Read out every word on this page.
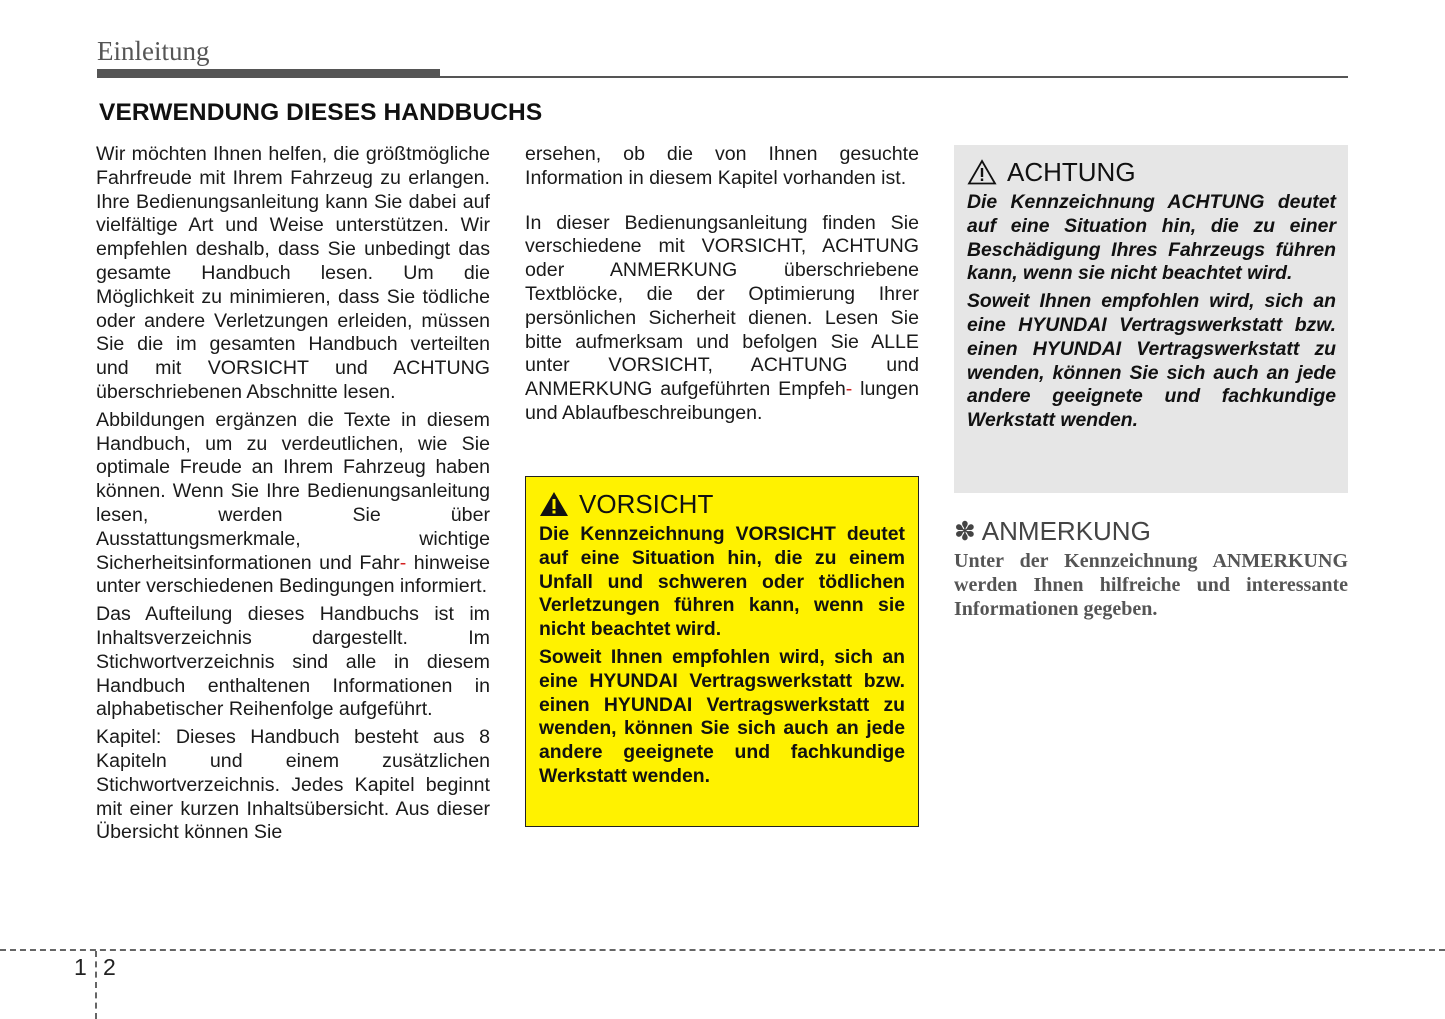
Einleitung
VERWENDUNG DIESES HANDBUCHS

Wir möchten Ihnen helfen, die größtmögliche Fahrfreude mit Ihrem Fahrzeug zu erlangen. Ihre Bedienungsanleitung kann Sie dabei auf vielfältige Art und Weise unterstützen. Wir empfehlen deshalb, dass Sie unbedingt das gesamte Handbuch lesen. Um die Möglichkeit zu minimieren, dass Sie tödliche oder andere Verletzungen erleiden, müssen Sie die im gesamten Handbuch verteilten und mit VORSICHT und ACHTUNG überschriebenen Abschnitte lesen.

Abbildungen ergänzen die Texte in diesem Handbuch, um zu verdeutlichen, wie Sie optimale Freude an Ihrem Fahrzeug haben können. Wenn Sie Ihre Bedienungsanleitung lesen, werden Sie über Ausstattungsmerkmale, wichtige Sicherheitsinformationen und Fahr- hinweise unter verschiedenen Bedingungen informiert.

Das Aufteilung dieses Handbuchs ist im Inhaltsverzeichnis dargestellt. Im Stichwortverzeichnis sind alle in diesem Handbuch enthaltenen Informationen in alphabetischer Reihenfolge aufgeführt.

Kapitel: Dieses Handbuch besteht aus 8 Kapiteln und einem zusätzlichen Stichwortverzeichnis. Jedes Kapitel beginnt mit einer kurzen Inhaltsübersicht. Aus dieser Übersicht können Sie

ersehen, ob die von Ihnen gesuchte Information in diesem Kapitel vorhanden ist.

In dieser Bedienungsanleitung finden Sie verschiedene mit VORSICHT, ACHTUNG oder ANMERKUNG überschriebene Textblöcke, die der Optimierung Ihrer persönlichen Sicherheit dienen. Lesen Sie bitte aufmerksam und befolgen Sie ALLE unter VORSICHT, ACHTUNG und ANMERKUNG aufgeführten Empfeh- lungen und Ablaufbeschreibungen.

VORSICHT

Die Kennzeichnung VORSICHT deutet auf eine Situation hin, die zu einem Unfall und schweren oder tödlichen Verletzungen führen kann, wenn sie nicht beachtet wird.

Soweit Ihnen empfohlen wird, sich an eine HYUNDAI Vertragswerkstatt bzw. einen HYUNDAI Vertragswerkstatt zu wenden, können Sie sich auch an jede andere geeignete und fachkundige Werkstatt wenden.

ACHTUNG

Die Kennzeichnung ACHTUNG deutet auf eine Situation hin, die zu einer Beschädigung Ihres Fahrzeugs führen kann, wenn sie nicht beachtet wird.

Soweit Ihnen empfohlen wird, sich an eine HYUNDAI Vertragswerkstatt bzw. einen HYUNDAI Vertragswerkstatt zu wenden, können Sie sich auch an jede andere geeignete und fachkundige Werkstatt wenden.

✽ ANMERKUNG

Unter der Kennzeichnung ANMERKUNG werden Ihnen hilfreiche und interessante Informationen gegeben.

1 2
